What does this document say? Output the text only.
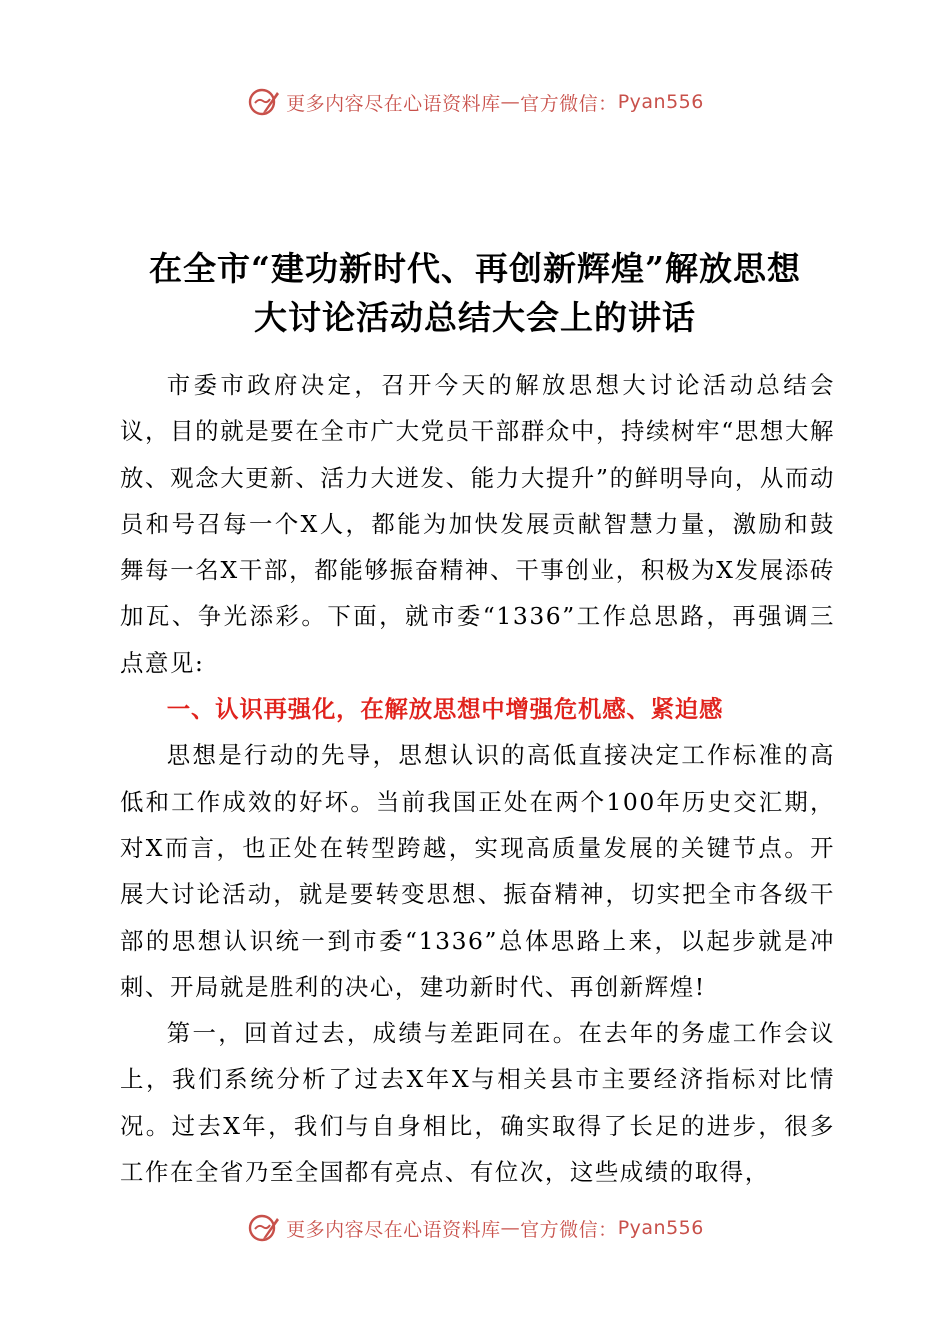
更多内容尽在心语资料库 — 官方微信 ： Pyan556
在全市“建功新时代、再创新辉煌”解放思想
大讨论活动总结大会上的讲话

市委市政府决定，召开今天的解放思想大讨论活动总结会议，目的就是要在全市广大党员干部群众中，持续树牢“思想大解放、观念大更新、活力大迸发、能力大提升”的鲜明导向，从而动员和号召每一个X人，都能为加快发展贡献智慧力量，激励和鼓舞每一名X干部，都能够振奋精神、干事创业，积极为X发展添砖加瓦、争光添彩。下面，就市委“1336”工作总思路，再强调三点意见:

一、认识再强化，在解放思想中增强危机感、紧迫感

思想是行动的先导，思想认识的高低直接决定工作标准的高低和工作成效的好坏。当前我国正处在两个100年历史交汇期，对X而言，也正处在转型跨越，实现高质量发展的关键节点。开展大讨论活动，就是要转变思想、振奋精神，切实把全市各级干部的思想认识统一到市委“1336”总体思路上来，以起步就是冲刺、开局就是胜利的决心，建功新时代、再创新辉煌!

第一，回首过去，成绩与差距同在。在去年的务虚工作会议上，我们系统分析了过去X年X与相关县市主要经济指标对比情况。过去X年，我们与自身相比，确实取得了长足的进步，很多工作在全省乃至全国都有亮点、有位次，这些成绩的取得，

更多内容尽在心语资料库 — 官方微信 ： Pyan556
